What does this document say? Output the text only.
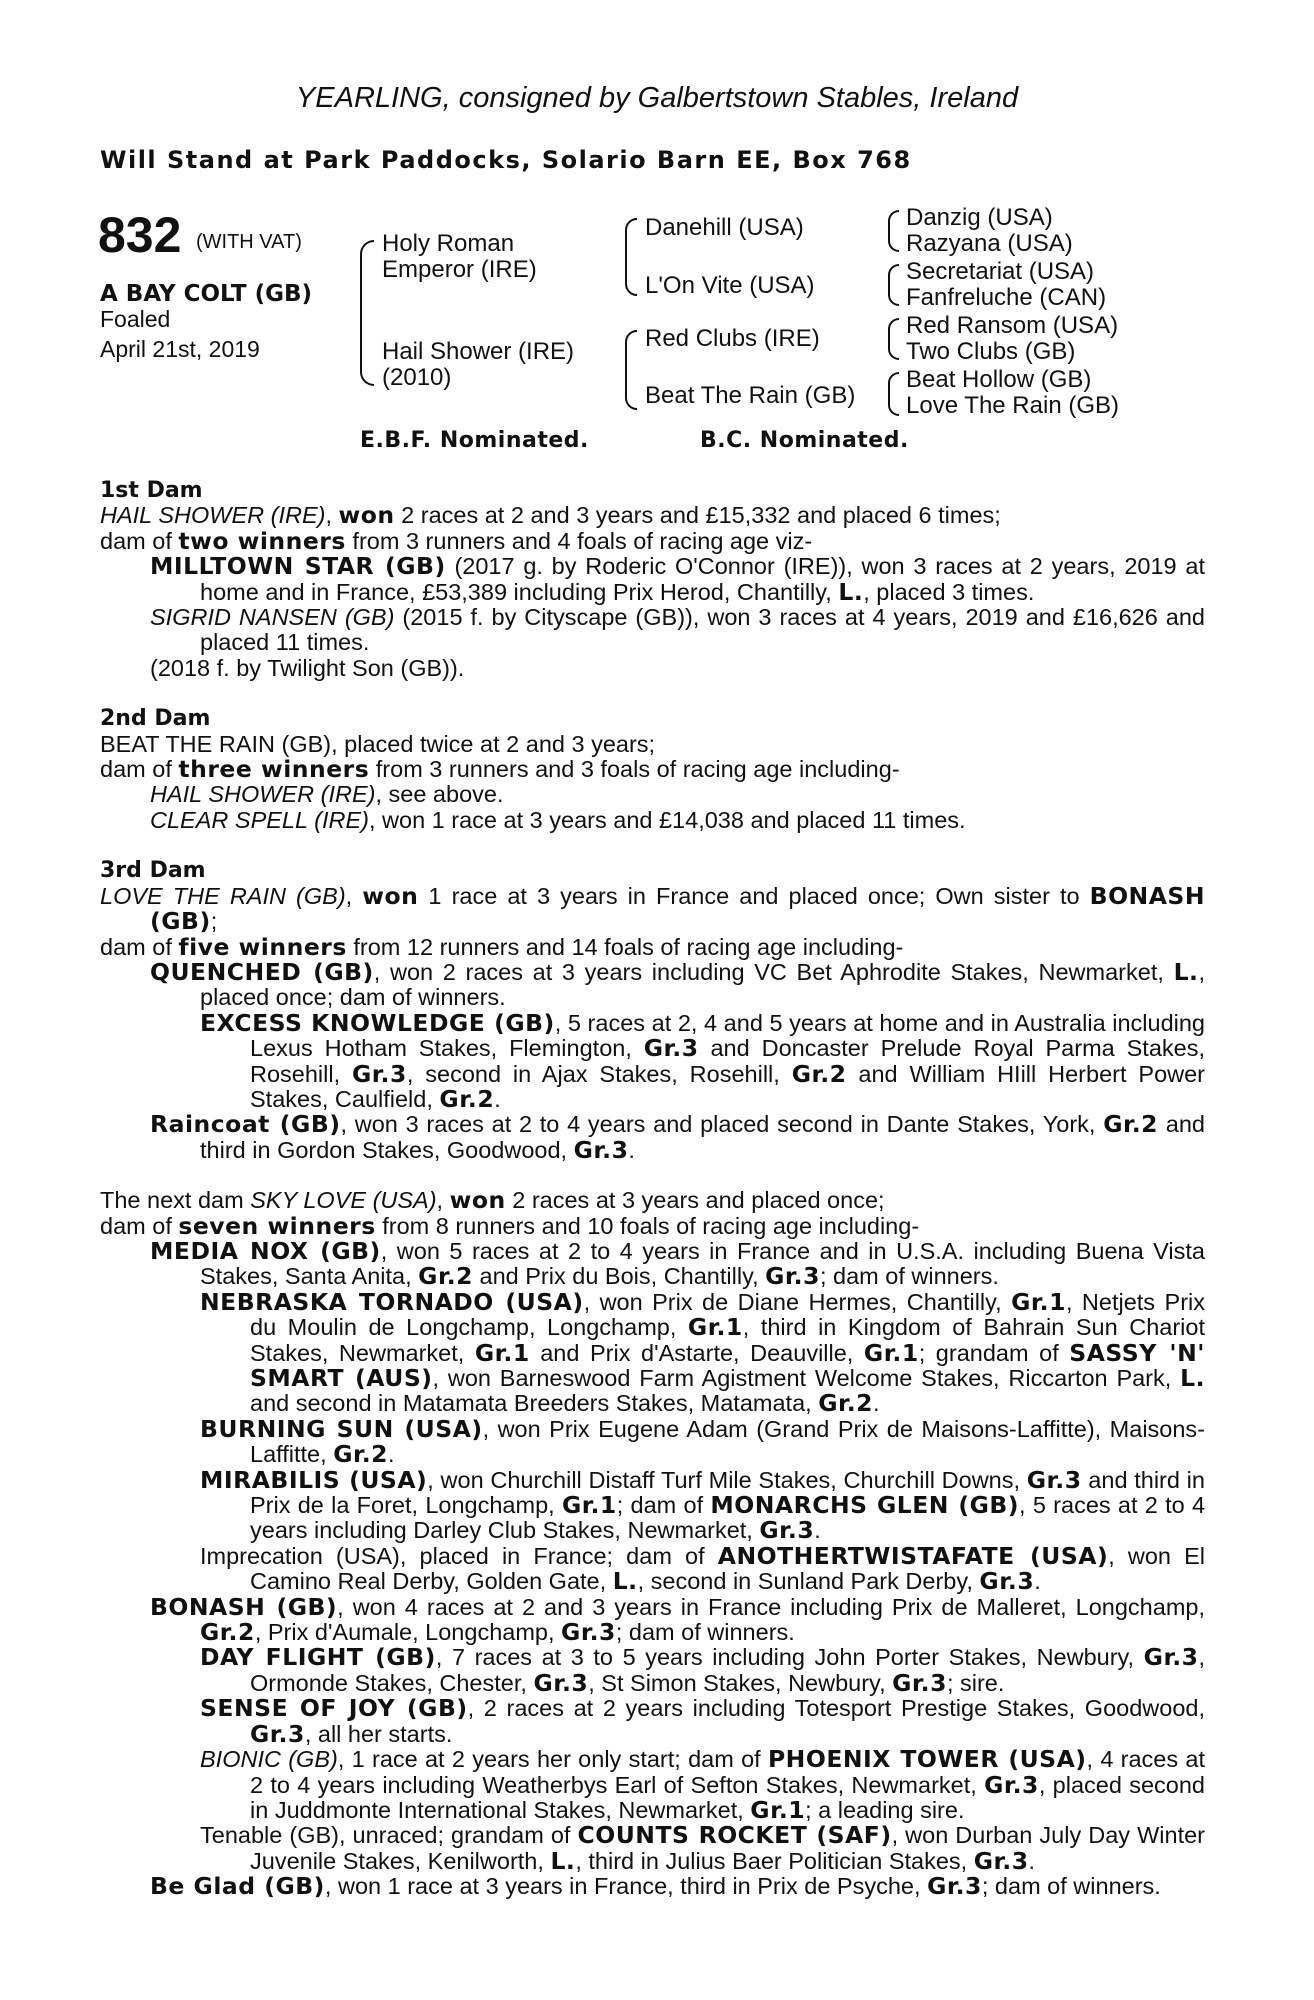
YEARLING, consigned by Galbertstown Stables, Ireland
Will Stand at Park Paddocks, Solario Barn EE, Box 768
832 (WITH VAT)
A BAY COLT (GB)
Foaled
April 21st, 2019
Holy Roman
Emperor (IRE)
Hail Shower (IRE)
(2010)
Danehill (USA)
L'On Vite (USA)
Red Clubs (IRE)
Beat The Rain (GB)
Danzig (USA)
Razyana (USA)
Secretariat (USA)
Fanfreluche (CAN)
Red Ransom (USA)
Two Clubs (GB)
Beat Hollow (GB)
Love The Rain (GB)
E.B.F. Nominated.	B.C. Nominated.

1st Dam

HAIL SHOWER (IRE), won 2 races at 2 and 3 years and £15,332 and placed 6 times;

dam of two winners from 3 runners and 4 foals of racing age viz-

MILLTOWN STAR (GB) (2017 g. by Roderic O'Connor (IRE)), won 3 races at 2 years, 2019 at home and in France, £53,389 including Prix Herod, Chantilly, L., placed 3 times.

SIGRID NANSEN (GB) (2015 f. by Cityscape (GB)), won 3 races at 4 years, 2019 and £16,626 and placed 11 times.

(2018 f. by Twilight Son (GB)).

2nd Dam

BEAT THE RAIN (GB), placed twice at 2 and 3 years;

dam of three winners from 3 runners and 3 foals of racing age including-

HAIL SHOWER (IRE), see above.

CLEAR SPELL (IRE), won 1 race at 3 years and £14,038 and placed 11 times.

3rd Dam

LOVE THE RAIN (GB), won 1 race at 3 years in France and placed once; Own sister to BONASH (GB);

dam of five winners from 12 runners and 14 foals of racing age including-

QUENCHED (GB), won 2 races at 3 years including VC Bet Aphrodite Stakes, Newmarket, L., placed once; dam of winners.

EXCESS KNOWLEDGE (GB), 5 races at 2, 4 and 5 years at home and in Australia including Lexus Hotham Stakes, Flemington, Gr.3 and Doncaster Prelude Royal Parma Stakes, Rosehill, Gr.3, second in Ajax Stakes, Rosehill, Gr.2 and William HIill Herbert Power Stakes, Caulfield, Gr.2.

Raincoat (GB), won 3 races at 2 to 4 years and placed second in Dante Stakes, York, Gr.2 and third in Gordon Stakes, Goodwood, Gr.3.

The next dam SKY LOVE (USA), won 2 races at 3 years and placed once;

dam of seven winners from 8 runners and 10 foals of racing age including-

MEDIA NOX (GB), won 5 races at 2 to 4 years in France and in U.S.A. including Buena Vista Stakes, Santa Anita, Gr.2 and Prix du Bois, Chantilly, Gr.3; dam of winners.

NEBRASKA TORNADO (USA), won Prix de Diane Hermes, Chantilly, Gr.1, Netjets Prix du Moulin de Longchamp, Longchamp, Gr.1, third in Kingdom of Bahrain Sun Chariot Stakes, Newmarket, Gr.1 and Prix d'Astarte, Deauville, Gr.1; grandam of SASSY 'N' SMART (AUS), won Barneswood Farm Agistment Welcome Stakes, Riccarton Park, L. and second in Matamata Breeders Stakes, Matamata, Gr.2.

BURNING SUN (USA), won Prix Eugene Adam (Grand Prix de Maisons-Laffitte), Maisons-Laffitte, Gr.2.

MIRABILIS (USA), won Churchill Distaff Turf Mile Stakes, Churchill Downs, Gr.3 and third in Prix de la Foret, Longchamp, Gr.1; dam of MONARCHS GLEN (GB), 5 races at 2 to 4 years including Darley Club Stakes, Newmarket, Gr.3.

Imprecation (USA), placed in France; dam of ANOTHERTWISTAFATE (USA), won El Camino Real Derby, Golden Gate, L., second in Sunland Park Derby, Gr.3.

BONASH (GB), won 4 races at 2 and 3 years in France including Prix de Malleret, Longchamp, Gr.2, Prix d'Aumale, Longchamp, Gr.3; dam of winners.

DAY FLIGHT (GB), 7 races at 3 to 5 years including John Porter Stakes, Newbury, Gr.3, Ormonde Stakes, Chester, Gr.3, St Simon Stakes, Newbury, Gr.3; sire.

SENSE OF JOY (GB), 2 races at 2 years including Totesport Prestige Stakes, Goodwood, Gr.3, all her starts.

BIONIC (GB), 1 race at 2 years her only start; dam of PHOENIX TOWER (USA), 4 races at 2 to 4 years including Weatherbys Earl of Sefton Stakes, Newmarket, Gr.3, placed second in Juddmonte International Stakes, Newmarket, Gr.1; a leading sire.

Tenable (GB), unraced; grandam of COUNTS ROCKET (SAF), won Durban July Day Winter Juvenile Stakes, Kenilworth, L., third in Julius Baer Politician Stakes, Gr.3.

Be Glad (GB), won 1 race at 3 years in France, third in Prix de Psyche, Gr.3; dam of winners.
